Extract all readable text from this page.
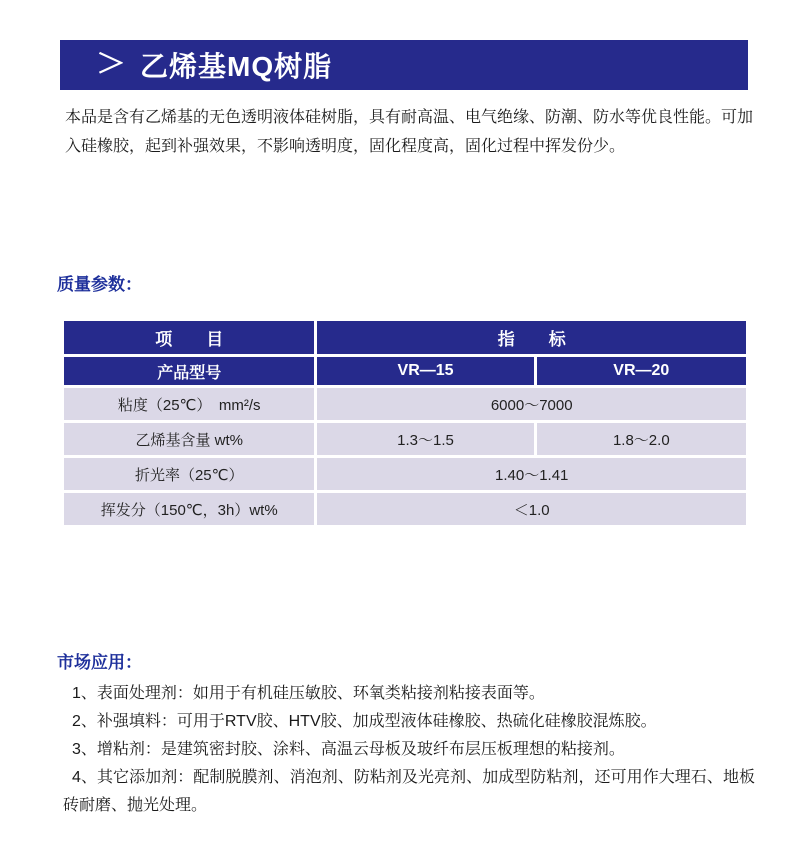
＞ 乙烯基MQ树脂

本品是含有乙烯基的无色透明液体硅树脂，具有耐高温、电气绝缘、防潮、防水等优良性能。可加入硅橡胶，起到补强效果，不影响透明度，固化程度高，固化过程中挥发份少。

质量参数：
项　　目	指　　标	
产品型号	VR—15	VR—20
粘度（25℃）　mm²/s	6000～7000	
乙烯基含量 wt%	1.3～1.5	1.8～2.0
折光率（25℃）	1.40～1.41	
挥发分（150℃，3h）wt%	＜1.0	
市场应用：
1、表面处理剂：如用于有机硅压敏胶、环氧类粘接剂粘接表面等。
2、补强填料：可用于RTV胶、HTV胶、加成型液体硅橡胶、热硫化硅橡胶混炼胶。
3、增粘剂：是建筑密封胶、涂料、高温云母板及玻纤布层压板理想的粘接剂。
4、其它添加剂：配制脱膜剂、消泡剂、防粘剂及光亮剂、加成型防粘剂，还可用作大理石、地板砖耐磨、抛光处理。
